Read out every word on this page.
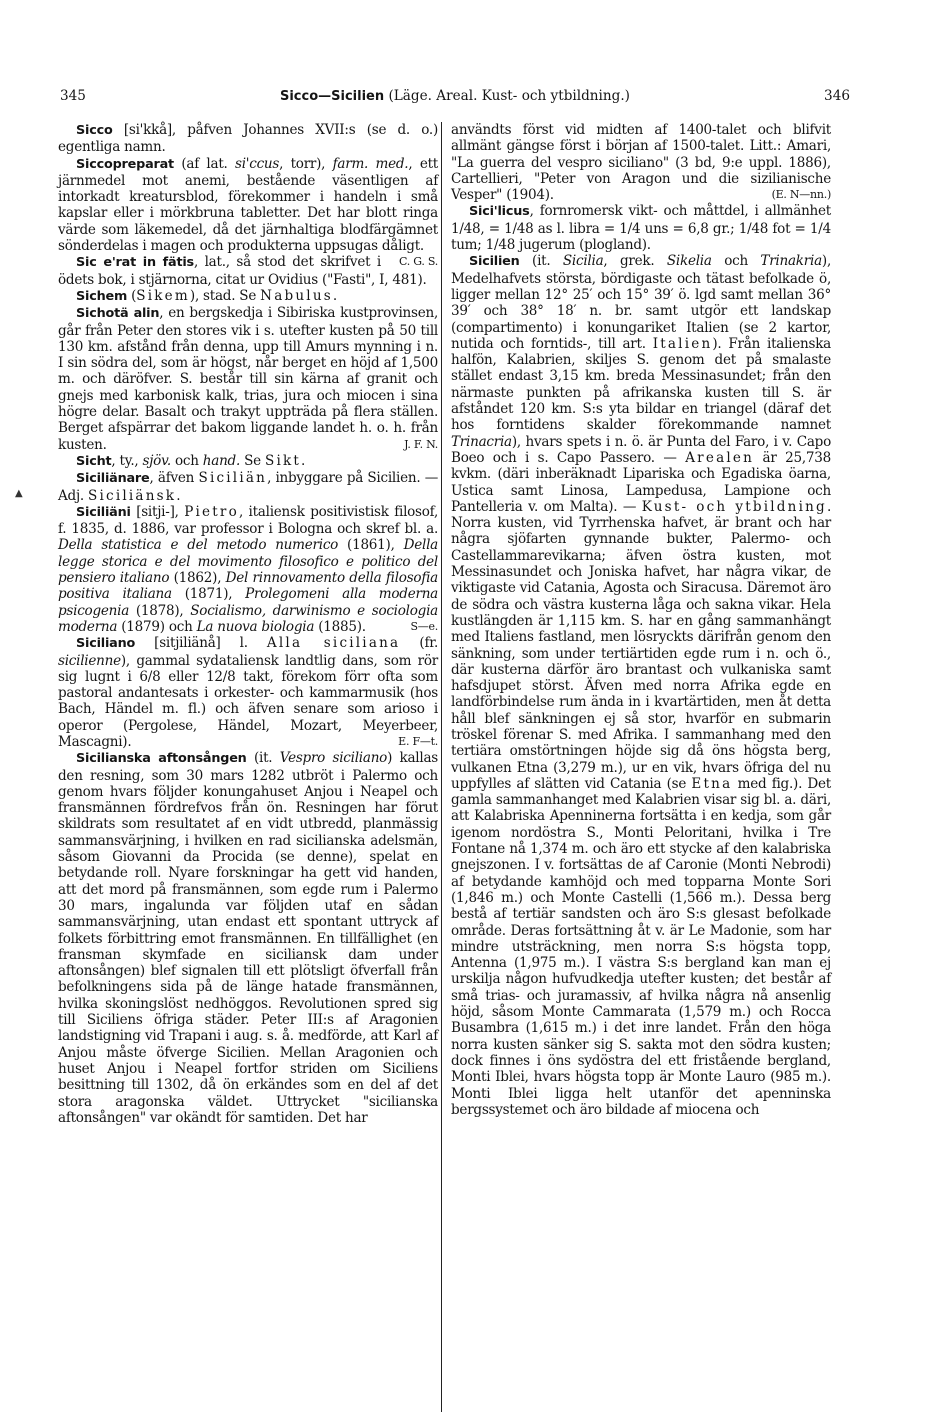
345	Sicco—Sicilien (Läge. Areal. Kust- och ytbildning.)	346
▲

Sicco [si'kkå], påfven Johannes XVII:s (se d. o.) egentliga namn.

Siccopreparat (af lat. si'ccus, torr), farm. med., ett järnmedel mot anemi, bestående väsentligen af intorkadt kreatursblod, förekommer i handeln i små kapslar eller i mörkbruna tabletter. Det har blott ringa värde som läkemedel, då det järnhaltiga blodfärgämnet sönderdelas i magen och produkterna uppsugas dåligt.
C. G. S.

Sic e'rat in fätis, lat., så stod det skrifvet i ödets bok, i stjärnorna, citat ur Ovidius ("Fasti", I, 481).

Sichem (Sikem), stad. Se Nabulus.

Sichotä alin, en bergskedja i Sibiriska kustprovinsen, går från Peter den stores vik i s. utefter kusten på 50 till 130 km. afstånd från denna, upp till Amurs mynning i n. I sin södra del, som är högst, når berget en höjd af 1,500 m. och däröfver. S. består till sin kärna af granit och gnejs med karbonisk kalk, trias, jura och miocen i sina högre delar. Basalt och trakyt uppträda på flera ställen. Berget afspärrar det bakom liggande landet h. o. h. från kusten.	J. F. N.

Sicht, ty., sjöv. och hand. Se Sikt.

Siciliänare, äfven Siciliän, inbyggare på Sicilien. — Adj. Siciliänsk.

Siciliäni [sitji-], Pietro, italiensk positivistisk filosof, f. 1835, d. 1886, var professor i Bologna och skref bl. a. Della statistica e del metodo numerico (1861), Della legge storica e del movimento filosofico e politico del pensiero italiano (1862), Del rinnovamento della filosofia positiva italiana (1871), Prolegomeni alla moderna psicogenia (1878), Socialismo, darwinismo e sociologia moderna (1879) och La nuova biologia (1885).	S—e.

Siciliano [sitjiliänå] l. Alla siciliana (fr. sicilienne), gammal sydataliensk landtlig dans, som rör sig lugnt i 6/8 eller 12/8 takt, förekom förr ofta som pastoral andantesats i orkester- och kammarmusik (hos Bach, Händel m. fl.) och äfven senare som arioso i operor (Pergolese, Händel, Mozart, Meyerbeer, Mascagni).	E. F—t.

Sicilianska aftonsången (it. Vespro siciliano) kallas den resning, som 30 mars 1282 utbröt i Palermo och genom hvars följder konungahuset Anjou i Neapel och fransmännen fördrefvos från ön. Resningen har förut skildrats som resultatet af en vidt utbredd, planmässig sammansvärjning, i hvilken en rad sicilianska adelsmän, såsom Giovanni da Procida (se denne), spelat en betydande roll. Nyare forskningar ha gett vid handen, att det mord på fransmännen, som egde rum i Palermo 30 mars, ingalunda var följden utaf en sådan sammansvärjning, utan endast ett spontant uttryck af folkets förbittring emot fransmännen. En tillfällighet (en fransman skymfade en siciliansk dam under aftonsången) blef signalen till ett plötsligt öfverfall från befolkningens sida på de länge hatade fransmännen, hvilka skoningslöst nedhöggos. Revolutionen spred sig till Siciliens öfriga städer. Peter III:s af Aragonien landstigning vid Trapani i aug. s. å. medförde, att Karl af Anjou måste öfverge Sicilien. Mellan Aragonien och huset Anjou i Neapel fortfor striden om Siciliens besittning till 1302, då ön erkändes som en del af det stora aragonska väldet. Uttrycket "sicilianska aftonsången" var okändt för samtiden. Det har

användts först vid midten af 1400-talet och blifvit allmänt gängse först i början af 1500-talet. Litt.: Amari, "La guerra del vespro siciliano" (3 bd, 9:e uppl. 1886), Cartellieri, "Peter von Aragon und die sizilianische Vesper" (1904).	(E. N—nn.)

Sici'licus, fornromersk vikt- och måttdel, i allmänhet 1/48, = 1/48 as l. libra = 1/4 uns = 6,8 gr.; 1/48 fot = 1/4 tum; 1/48 jugerum (plogland).

Sicilien (it. Sicilia, grek. Sikelia och Trinakria), Medelhafvets största, bördigaste och tätast befolkade ö, ligger mellan 12° 25′ och 15° 39′ ö. lgd samt mellan 36° 39′ och 38° 18′ n. br. samt utgör ett landskap (compartimento) i konungariket Italien (se 2 kartor, nutida och forntids-, till art. Italien). Från italienska halfön, Kalabrien, skiljes S. genom det på smalaste stället endast 3,15 km. breda Messinasundet; från den närmaste punkten på afrikanska kusten till S. är afståndet 120 km. S:s yta bildar en triangel (däraf det hos forntidens skalder förekommande namnet Trinacria), hvars spets i n. ö. är Punta del Faro, i v. Capo Boeo och i s. Capo Passero. — Arealen är 25,738 kvkm. (däri inberäknadt Lipariska och Egadiska öarna, Ustica samt Linosa, Lampedusa, Lampione och Pantelleria v. om Malta). — Kust- och ytbildning. Norra kusten, vid Tyrrhenska hafvet, är brant och har några sjöfarten gynnande bukter, Palermo- och Castellammarevikarna; äfven östra kusten, mot Messinasundet och Joniska hafvet, har några vikar, de viktigaste vid Catania, Agosta och Siracusa. Däremot äro de södra och västra kusterna låga och sakna vikar. Hela kustlängden är 1,115 km. S. har en gång sammanhängt med Italiens fastland, men lösryckts därifrån genom den sänkning, som under tertiärtiden egde rum i n. och ö., där kusterna därför äro brantast och vulkaniska samt hafsdjupet störst. Äfven med norra Afrika egde en landförbindelse rum ända in i kvartärtiden, men åt detta håll blef sänkningen ej så stor, hvarför en submarin tröskel förenar S. med Afrika. I sammanhang med den tertiära omstörtningen höjde sig då öns högsta berg, vulkanen Etna (3,279 m.), ur en vik, hvars öfriga del nu uppfylles af slätten vid Catania (se Etna med fig.). Det gamla sammanhanget med Kalabrien visar sig bl. a. däri, att Kalabriska Apenninerna fortsätta i en kedja, som går igenom nordöstra S., Monti Peloritani, hvilka i Tre Fontane nå 1,374 m. och äro ett stycke af den kalabriska gnejszonen. I v. fortsättas de af Caronie (Monti Nebrodi) af betydande kamhöjd och med topparna Monte Sori (1,846 m.) och Monte Castelli (1,566 m.). Dessa berg bestå af tertiär sandsten och äro S:s glesast befolkade område. Deras fortsättning åt v. är Le Madonie, som har mindre utsträckning, men norra S:s högsta topp, Antenna (1,975 m.). I västra S:s bergland kan man ej urskilja någon hufvudkedja utefter kusten; det består af små trias- och juramassiv, af hvilka några nå ansenlig höjd, såsom Monte Cammarata (1,579 m.) och Rocca Busambra (1,615 m.) i det inre landet. Från den höga norra kusten sänker sig S. sakta mot den södra kusten; dock finnes i öns sydöstra del ett fristående bergland, Monti Iblei, hvars högsta topp är Monte Lauro (985 m.). Monti Iblei ligga helt utanför det apenninska bergssystemet och äro bildade af miocena och
